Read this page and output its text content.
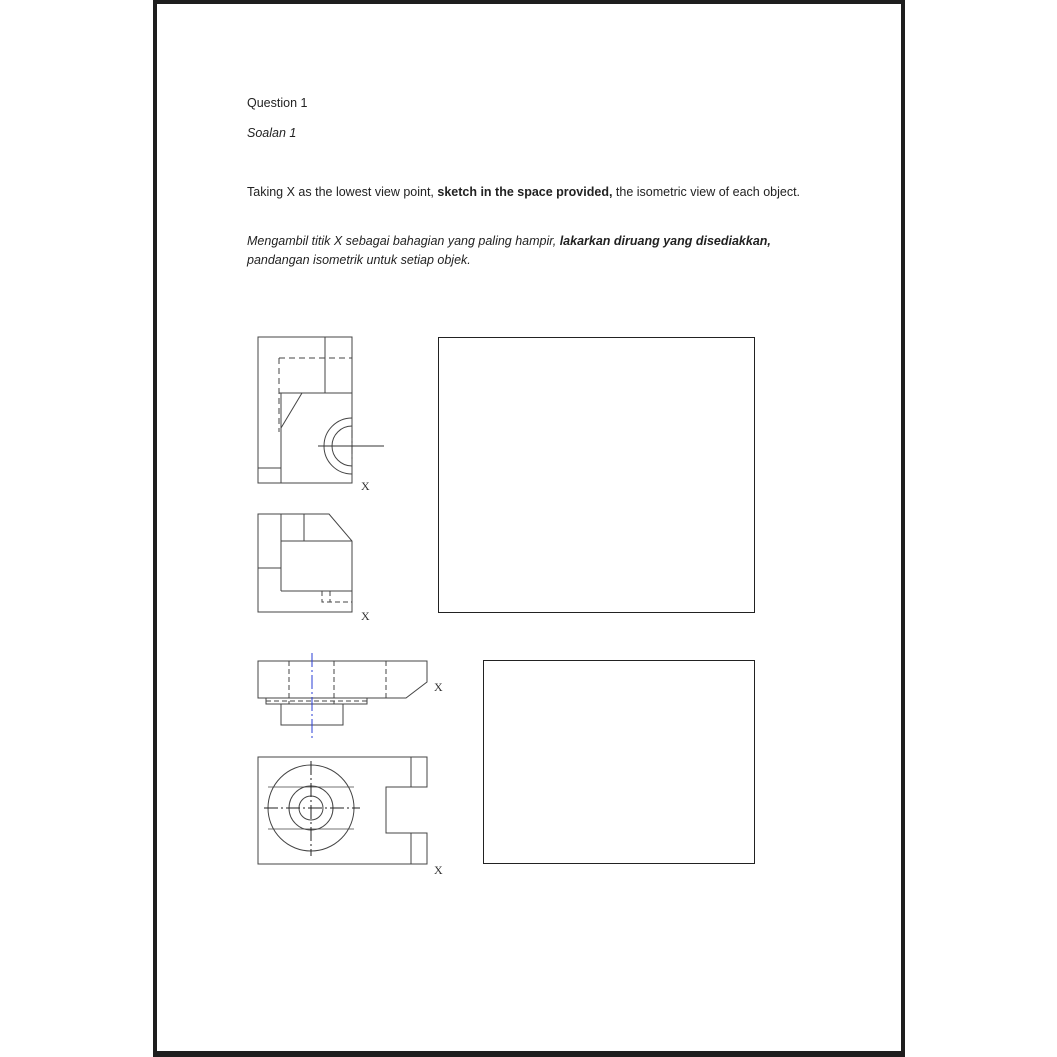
Question 1
Soalan 1
Taking X as the lowest view point, sketch in the space provided, the isometric view of each object.
Mengambil titik X sebagai bahagian yang paling hampir, lakarkan diruang yang disediakkan, pandangan isometrik untuk setiap objek.
X
X
X
X
